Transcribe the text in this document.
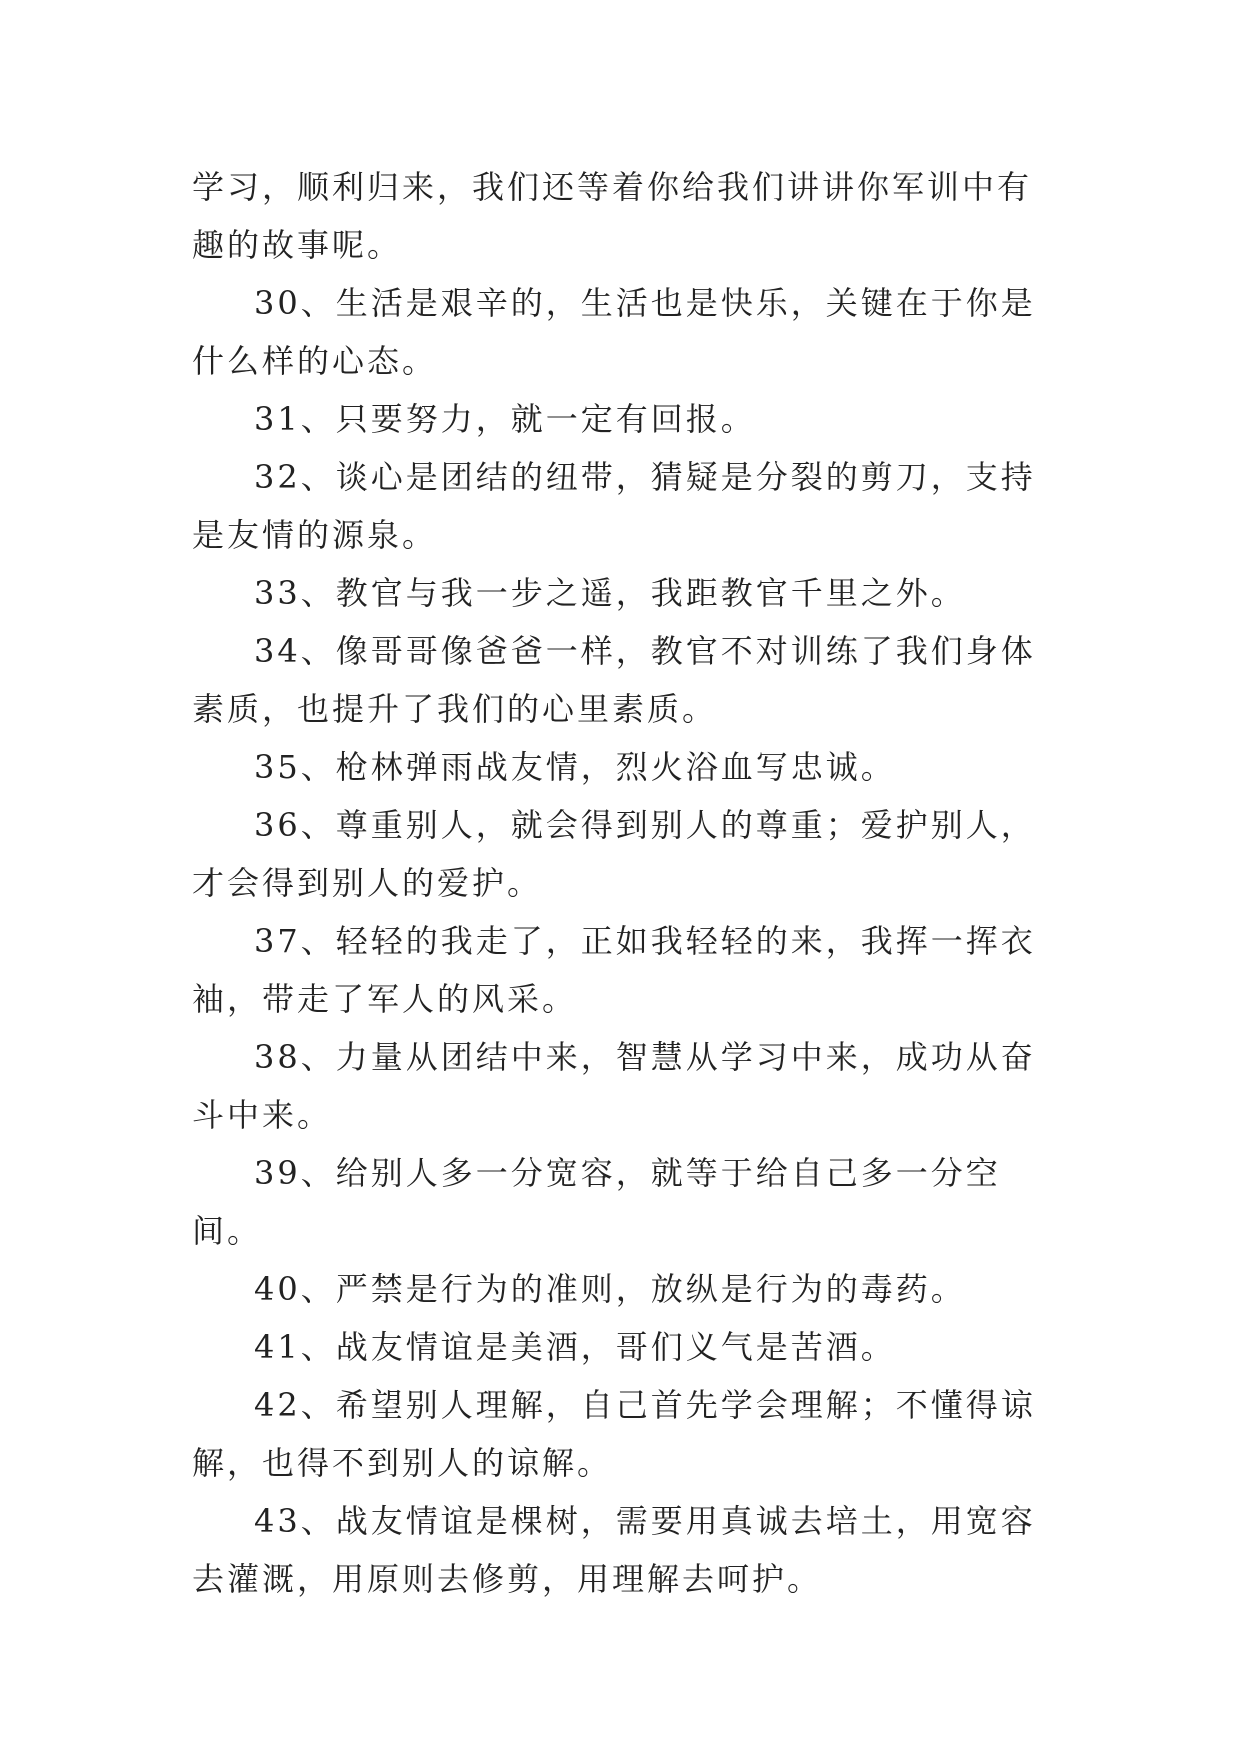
学习，顺利归来，我们还等着你给我们讲讲你军训中有趣的故事呢。

30、生活是艰辛的，生活也是快乐，关键在于你是什么样的心态。

31、只要努力，就一定有回报。

32、谈心是团结的纽带，猜疑是分裂的剪刀，支持是友情的源泉。

33、教官与我一步之遥，我距教官千里之外。

34、像哥哥像爸爸一样，教官不对训练了我们身体素质，也提升了我们的心里素质。

35、枪林弹雨战友情，烈火浴血写忠诚。

36、尊重别人，就会得到别人的尊重；爱护别人，才会得到别人的爱护。

37、轻轻的我走了，正如我轻轻的来，我挥一挥衣袖，带走了军人的风采。

38、力量从团结中来，智慧从学习中来，成功从奋斗中来。

39、给别人多一分宽容，就等于给自己多一分空间。

40、严禁是行为的准则，放纵是行为的毒药。

41、战友情谊是美酒，哥们义气是苦酒。

42、希望别人理解，自己首先学会理解；不懂得谅解，也得不到别人的谅解。

43、战友情谊是棵树，需要用真诚去培土，用宽容去灌溉，用原则去修剪，用理解去呵护。
